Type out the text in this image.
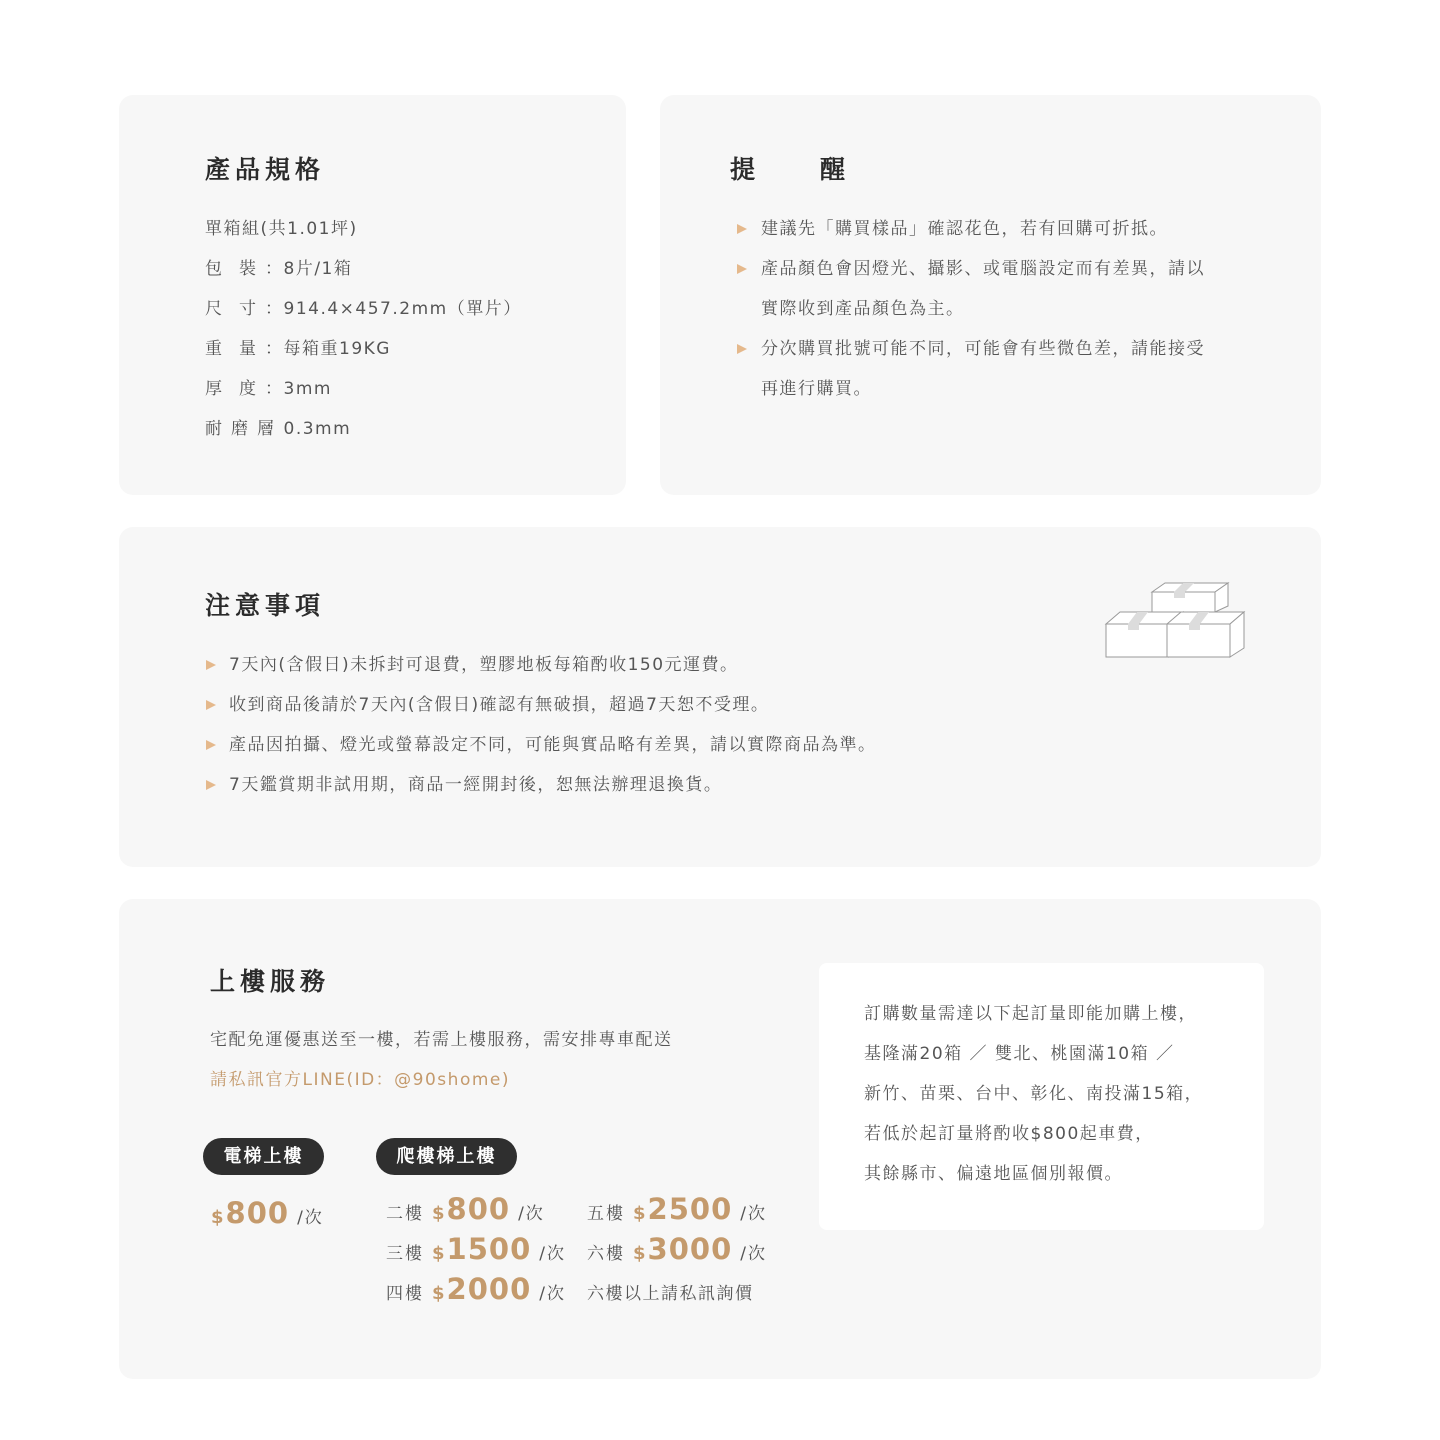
產品規格
單箱組(共1.01坪)
包　裝 ：8片/1箱
尺　寸 ：914.4×457.2mm（單片）
重　量 ：每箱重19KG
厚　度 ：3mm
耐磨層：0.3mm
提　　醒
建議先「購買樣品」確認花色，若有回購可折抵。
產品顏色會因燈光、攝影、或電腦設定而有差異，請以
實際收到產品顏色為主。
分次購買批號可能不同，可能會有些微色差，請能接受
再進行購買。
注意事項
7天內(含假日)未拆封可退費，塑膠地板每箱酌收150元運費。
收到商品後請於7天內(含假日)確認有無破損，超過7天恕不受理。
產品因拍攝、燈光或螢幕設定不同，可能與實品略有差異，請以實際商品為準。
7天鑑賞期非試用期，商品一經開封後，恕無法辦理退換貨。
上樓服務
宅配免運優惠送至一樓，若需上樓服務，需安排專車配送
請私訊官方LINE(ID：@90shome)
電梯上樓	爬樓梯上樓
$800 /次	二樓 $800 /次
三樓 $1500 /次
四樓 $2000 /次
五樓 $2500 /次
六樓 $3000 /次
六樓以上請私訊詢價
訂購數量需達以下起訂量即能加購上樓，
基隆滿20箱 ／ 雙北、桃園滿10箱 ／
新竹、苗栗、台中、彰化、南投滿15箱，
若低於起訂量將酌收$800起車費，
其餘縣市、偏遠地區個別報價。
